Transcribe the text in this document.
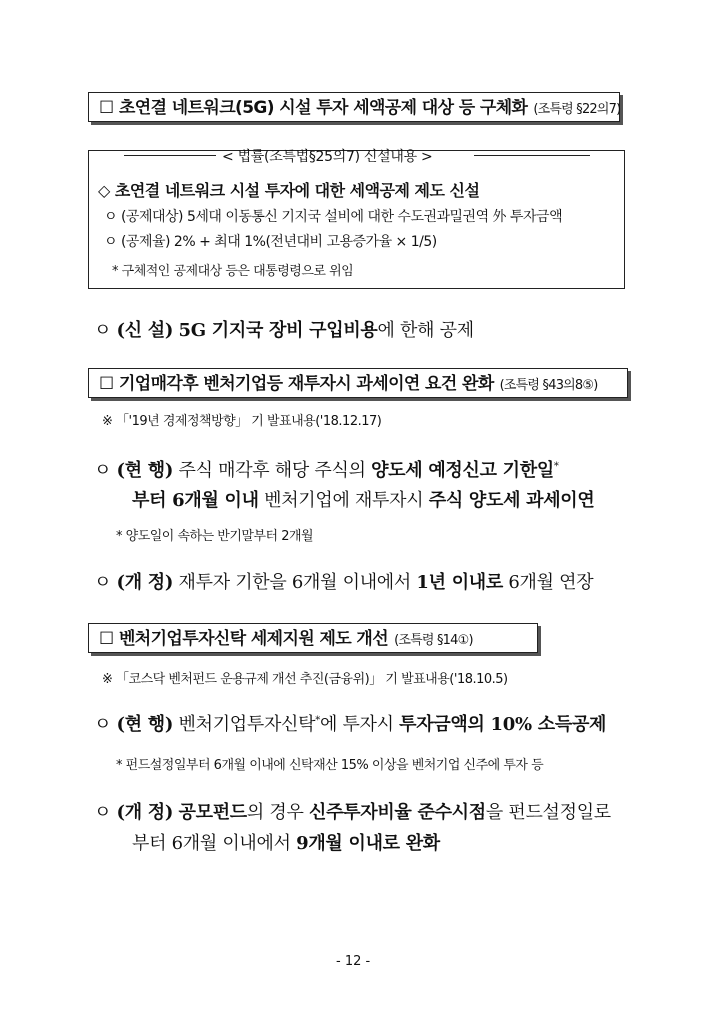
☐ 초연결 네트워크(5G) 시설 투자 세액공제 대상 등 구체화 (조특령 §22의7)
< 법률(조특법§25의7) 신설내용 >
◇ 초연결 네트워크 시설 투자에 대한 세액공제 제도 신설
ㅇ (공제대상) 5세대 이동통신 기지국 설비에 대한 수도권과밀권역 外 투자금액
ㅇ (공제율) 2% + 최대 1%(전년대비 고용증가율 × 1/5)
* 구체적인 공제대상 등은 대통령령으로 위임
ㅇ (신 설) 5G 기지국 장비 구입비용에 한해 공제
☐ 기업매각후 벤처기업등 재투자시 과세이연 요건 완화 (조특령 §43의8⑤)
※ 「'19년 경제정책방향」 기 발표내용('18.12.17)
ㅇ (현 행) 주식 매각후 해당 주식의 양도세 예정신고 기한일*
부터 6개월 이내 벤처기업에 재투자시 주식 양도세 과세이연
* 양도일이 속하는 반기말부터 2개월
ㅇ (개 정) 재투자 기한을 6개월 이내에서 1년 이내로 6개월 연장
☐ 벤처기업투자신탁 세제지원 제도 개선 (조특령 §14①)
※ 「코스닥 벤처펀드 운용규제 개선 추진(금융위)」 기 발표내용('18.10.5)
ㅇ (현 행) 벤처기업투자신탁*에 투자시 투자금액의 10% 소득공제
* 펀드설정일부터 6개월 이내에 신탁재산 15% 이상을 벤처기업 신주에 투자 등
ㅇ (개 정) 공모펀드의 경우 신주투자비율 준수시점을 펀드설정일로
부터 6개월 이내에서 9개월 이내로 완화
- 12 -
